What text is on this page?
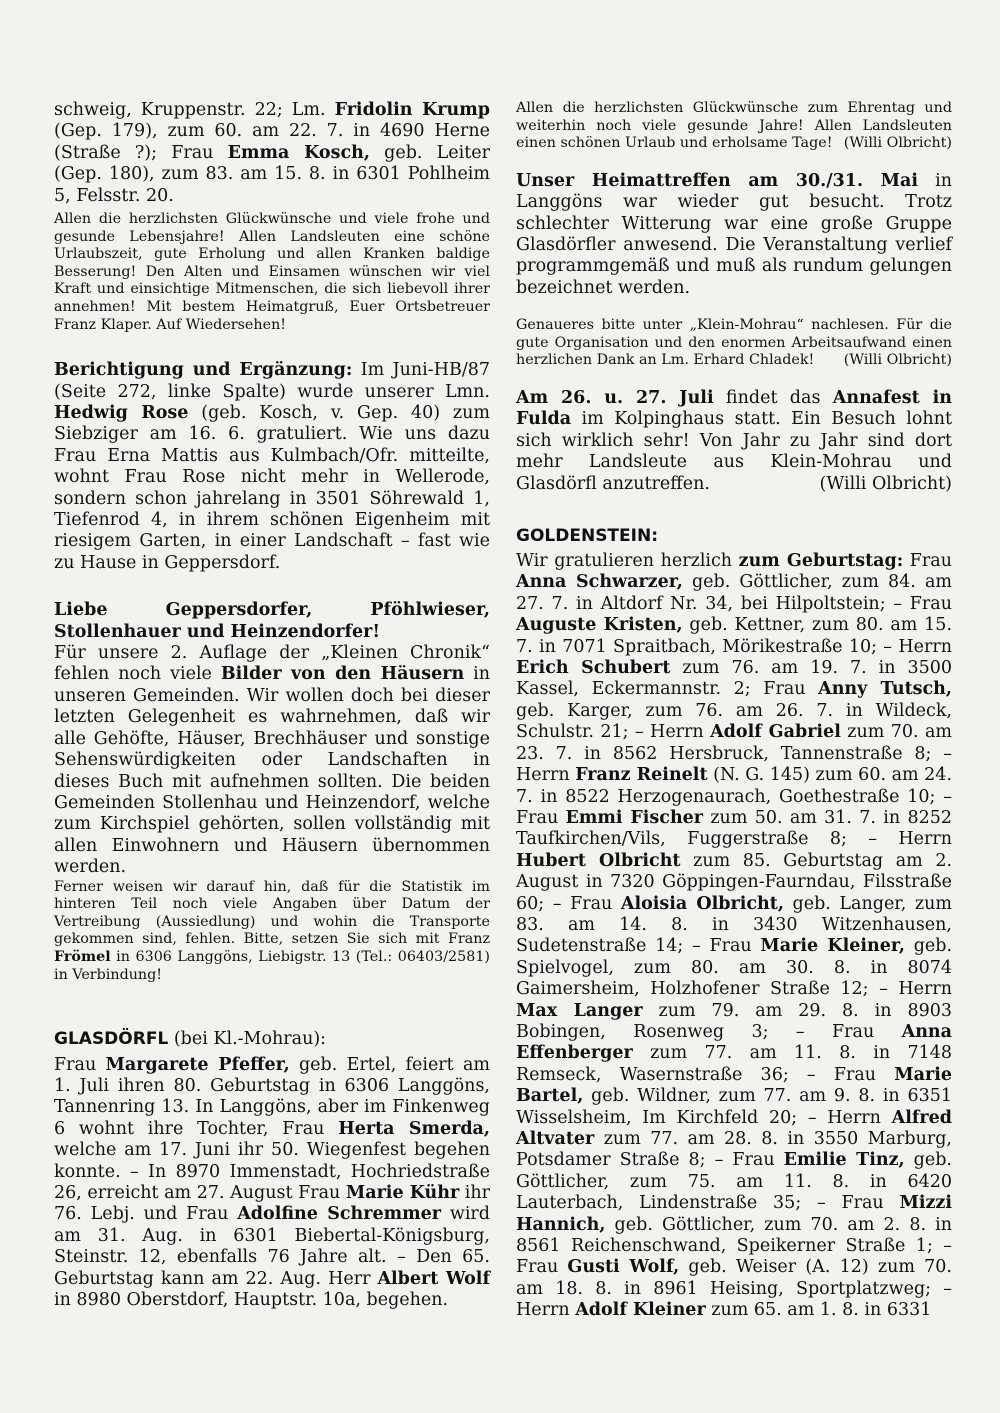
schweig, Kruppenstr. 22; Lm. Fridolin Krump (Gep. 179), zum 60. am 22. 7. in 4690 Herne (Straße ?); Frau Emma Kosch, geb. Leiter (Gep. 180), zum 83. am 15. 8. in 6301 Pohlheim 5, Felsstr. 20.

Allen die herzlichsten Glückwünsche und viele frohe und gesunde Lebensjahre! Allen Landsleuten eine schöne Urlaubszeit, gute Erholung und allen Kranken baldige Besserung! Den Alten und Einsamen wünschen wir viel Kraft und einsichtige Mitmenschen, die sich liebevoll ihrer annehmen! Mit bestem Heimatgruß, Euer Ortsbetreuer Franz Klaper. Auf Wiedersehen!

Berichtigung und Ergänzung: Im Juni-HB/87 (Seite 272, linke Spalte) wurde unserer Lmn. Hedwig Rose (geb. Kosch, v. Gep. 40) zum Siebziger am 16. 6. gratuliert. Wie uns dazu Frau Erna Mattis aus Kulmbach/Ofr. mitteilte, wohnt Frau Rose nicht mehr in Wellerode, sondern schon jahrelang in 3501 Söhrewald 1, Tiefenrod 4, in ihrem schönen Eigenheim mit riesigem Garten, in einer Landschaft – fast wie zu Hause in Geppersdorf.

Liebe Geppersdorfer, Pföhlwieser, Stollenhauer und Heinzendorfer!

Für unsere 2. Auflage der „Kleinen Chronik“ fehlen noch viele Bilder von den Häusern in unseren Gemeinden. Wir wollen doch bei dieser letzten Gelegenheit es wahrnehmen, daß wir alle Gehöfte, Häuser, Brechhäuser und sonstige Sehenswürdigkeiten oder Landschaften in dieses Buch mit aufnehmen sollten. Die beiden Gemeinden Stollenhau und Heinzendorf, welche zum Kirchspiel gehörten, sollen vollständig mit allen Einwohnern und Häusern übernommen werden.

Ferner weisen wir darauf hin, daß für die Statistik im hinteren Teil noch viele Angaben über Datum der Vertreibung (Aussiedlung) und wohin die Transporte gekommen sind, fehlen. Bitte, setzen Sie sich mit Franz Frömel in 6306 Langgöns, Liebigstr. 13 (Tel.: 06403/2581) in Verbindung!

GLASDÖRFL (bei Kl.-Mohrau):

Frau Margarete Pfeffer, geb. Ertel, feiert am 1. Juli ihren 80. Geburtstag in 6306 Langgöns, Tannenring 13. In Langgöns, aber im Finkenweg 6 wohnt ihre Tochter, Frau Herta Smerda, welche am 17. Juni ihr 50. Wiegenfest begehen konnte. – In 8970 Immenstadt, Hochriedstraße 26, erreicht am 27. August Frau Marie Kühr ihr 76. Lebj. und Frau Adolfine Schremmer wird am 31. Aug. in 6301 Biebertal-Königsburg, Steinstr. 12, ebenfalls 76 Jahre alt. – Den 65. Geburtstag kann am 22. Aug. Herr Albert Wolf in 8980 Oberstdorf, Hauptstr. 10a, begehen.

Allen die herzlichsten Glückwünsche zum Ehrentag und weiterhin noch viele gesunde Jahre! Allen Landsleuten einen schönen Urlaub und erholsame Tage! (Willi Olbricht)

Unser Heimattreffen am 30./31. Mai in Langgöns war wieder gut besucht. Trotz schlechter Witterung war eine große Gruppe Glasdörfler anwesend. Die Veranstaltung verlief programmgemäß und muß als rundum gelungen bezeichnet werden.

Genaueres bitte unter „Klein-Mohrau“ nachlesen. Für die gute Organisation und den enormen Arbeitsaufwand einen herzlichen Dank an Lm. Erhard Chladek! (Willi Olbricht)

Am 26. u. 27. Juli findet das Annafest in Fulda im Kolpinghaus statt. Ein Besuch lohnt sich wirklich sehr! Von Jahr zu Jahr sind dort mehr Landsleute aus Klein-Mohrau und Glasdörfl anzutreffen.	(Willi Olbricht)

GOLDENSTEIN:

Wir gratulieren herzlich zum Geburtstag: Frau Anna Schwarzer, geb. Göttlicher, zum 84. am 27. 7. in Altdorf Nr. 34, bei Hilpoltstein; – Frau Auguste Kristen, geb. Kettner, zum 80. am 15. 7. in 7071 Spraitbach, Mörikestraße 10; – Herrn Erich Schubert zum 76. am 19. 7. in 3500 Kassel, Eckermannstr. 2; Frau Anny Tutsch, geb. Karger, zum 76. am 26. 7. in Wildeck, Schulstr. 21; – Herrn Adolf Gabriel zum 70. am 23. 7. in 8562 Hersbruck, Tannenstraße 8; – Herrn Franz Reinelt (N. G. 145) zum 60. am 24. 7. in 8522 Herzogenaurach, Goethestraße 10; – Frau Emmi Fischer zum 50. am 31. 7. in 8252 Taufkirchen/Vils, Fuggerstraße 8; – Herrn Hubert Olbricht zum 85. Geburtstag am 2. August in 7320 Göppingen-Faurndau, Filsstraße 60; – Frau Aloisia Olbricht, geb. Langer, zum 83. am 14. 8. in 3430 Witzenhausen, Sudetenstraße 14; – Frau Marie Kleiner, geb. Spielvogel, zum 80. am 30. 8. in 8074 Gaimersheim, Holzhofener Straße 12; – Herrn Max Langer zum 79. am 29. 8. in 8903 Bobingen, Rosenweg 3; – Frau Anna Effenberger zum 77. am 11. 8. in 7148 Remseck, Wasernstraße 36; – Frau Marie Bartel, geb. Wildner, zum 77. am 9. 8. in 6351 Wisselsheim, Im Kirchfeld 20; – Herrn Alfred Altvater zum 77. am 28. 8. in 3550 Marburg, Potsdamer Straße 8; – Frau Emilie Tinz, geb. Göttlicher, zum 75. am 11. 8. in 6420 Lauterbach, Lindenstraße 35; – Frau Mizzi Hannich, geb. Göttlicher, zum 70. am 2. 8. in 8561 Reichenschwand, Speikerner Straße 1; – Frau Gusti Wolf, geb. Weiser (A. 12) zum 70. am 18. 8. in 8961 Heising, Sportplatzweg; – Herrn Adolf Kleiner zum 65. am 1. 8. in 6331
